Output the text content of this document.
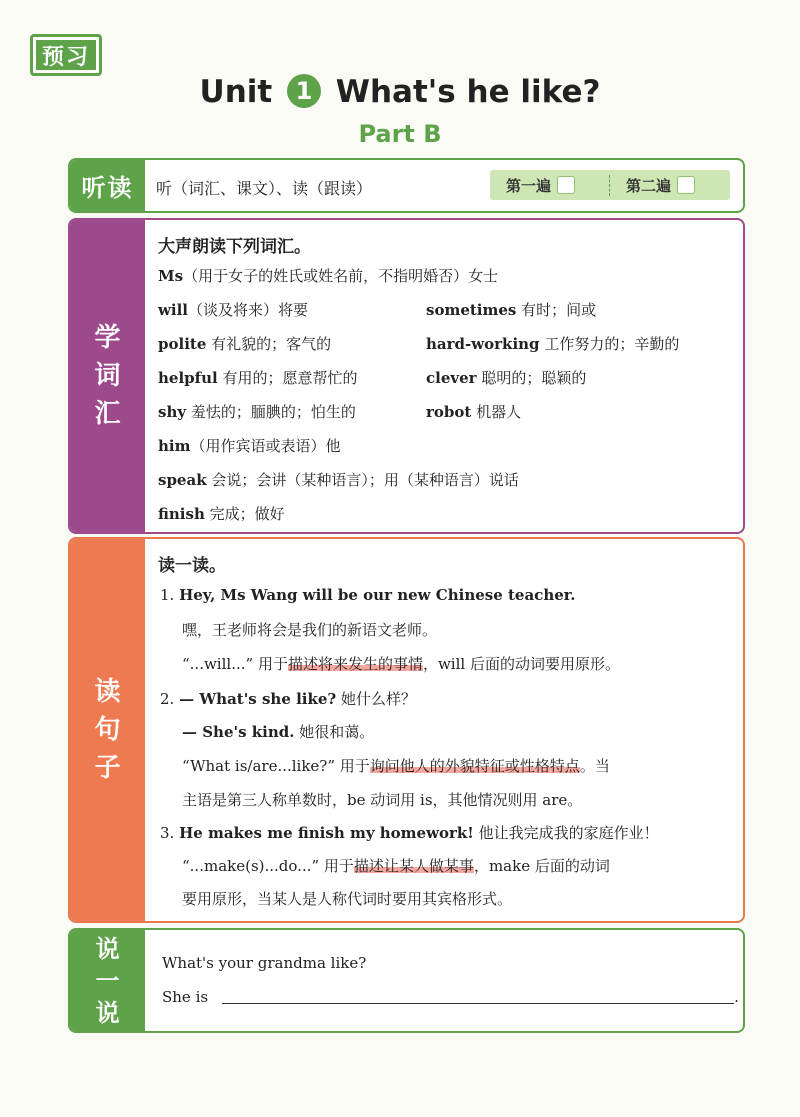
预习
Unit 1 What's he like?
Part B
听读	听（词汇、课文）、读（跟读）	第一遍	第二遍
学
词
汇
大声朗读下列词汇。
Ms（用于女子的姓氏或姓名前，不指明婚否）女士
will（谈及将来）将要	sometimes 有时；间或
polite 有礼貌的；客气的	hard-working 工作努力的；辛勤的
helpful 有用的；愿意帮忙的	clever 聪明的；聪颖的
shy 羞怯的；腼腆的；怕生的	robot 机器人
him（用作宾语或表语）他
speak 会说；会讲（某种语言）；用（某种语言）说话
finish 完成；做好
读
句
子
读一读。
1. Hey, Ms Wang will be our new Chinese teacher.
嘿，王老师将会是我们的新语文老师。
“...will...” 用于描述将来发生的事情，will 后面的动词要用原形。
2. — What's she like? 她什么样？
— She's kind. 她很和蔼。
“What is/are...like?” 用于询问他人的外貌特征或性格特点。当
主语是第三人称单数时，be 动词用 is，其他情况则用 are。
3. He makes me finish my homework! 他让我完成我的家庭作业！
“...make(s)...do...” 用于描述让某人做某事，make 后面的动词
要用原形，当某人是人称代词时要用其宾格形式。
说
一
说
What's your grandma like?
She is	.
